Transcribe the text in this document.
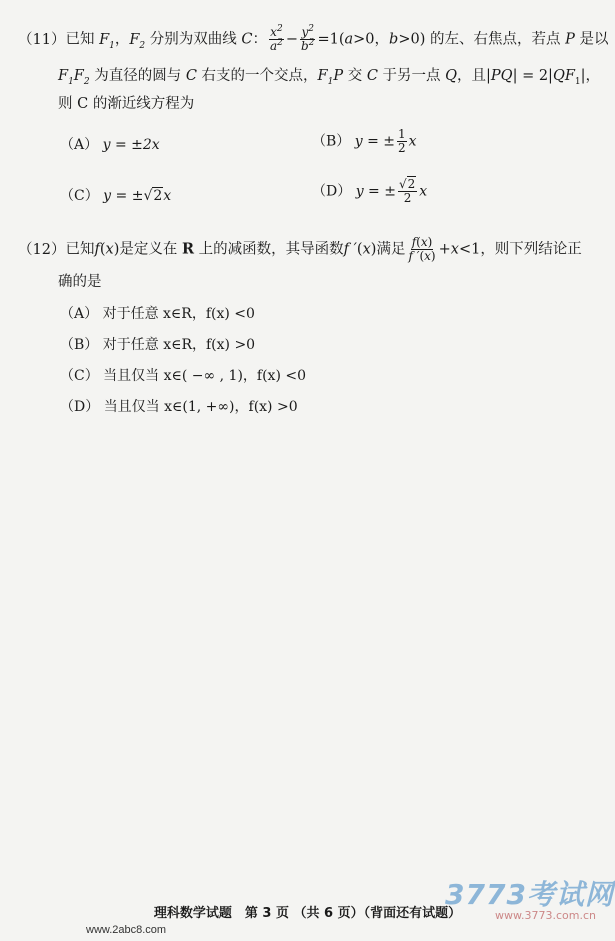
（11）已知 $F_1$，$F_2$ 分别为双曲线 C： $\frac{x^2}{a^2} - \frac{y^2}{b^2} =1(a>0$，b>0) 的左、右焦点，若点 P 是以
$F_1F_2$ 为直径的圆与 C 右支的一个交点，$F_1P$ 交 C 于另一点 Q，且$|PQ| = 2|QF_1|$，
则 C 的渐近线方程为
（A） y = ±2x	（B） y = ± $\frac{1}{2}$ x
（C） y = ±√2x	（D） y = ± $\frac{√2}{2}$ x
（12）已知f(x)是定义在 R 上的减函数，其导函数f ′(x)满足 $\frac{f(x)}{f '(x)} +x<1$，则下列结论正
确的是
（A） 对于任意 x∈R，f(x) <0
（B） 对于任意 x∈R，f(x) >0
（C） 当且仅当 x∈( −∞ , 1)，f(x) <0
（D） 当且仅当 x∈(1, +∞)，f(x) >0
理科数学试题　第 3 页 （共 6 页）（背面还有试题）
www.2abc8.com
3773考试网
www.3773.com.cn
